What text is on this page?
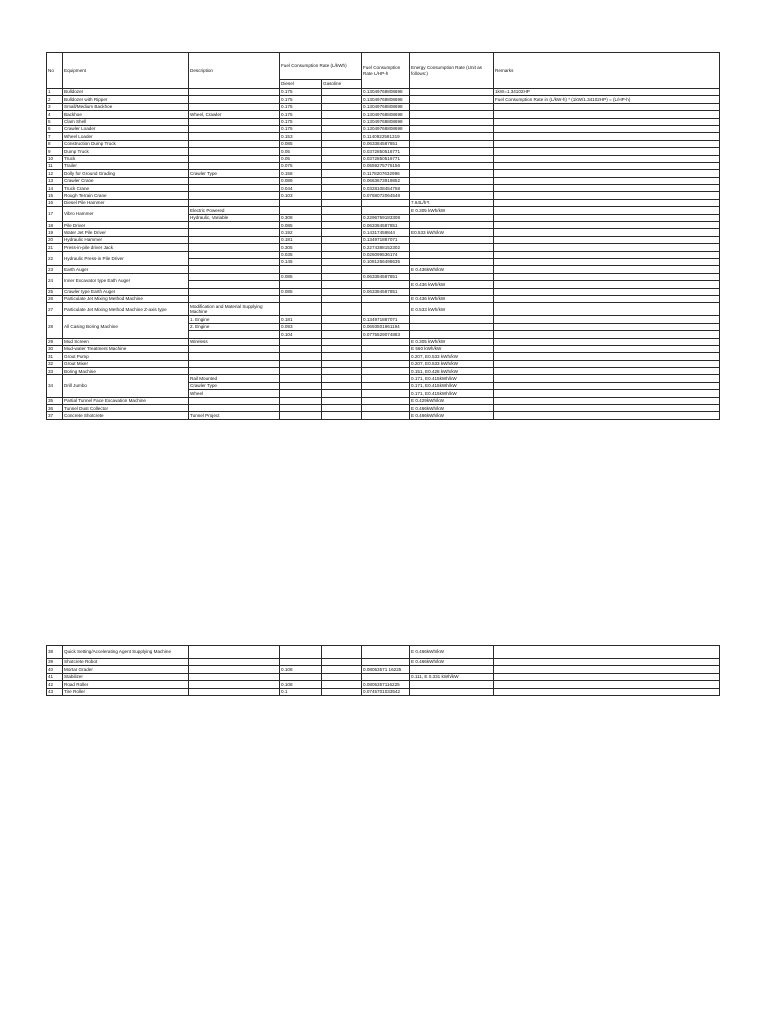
No	Equipment	Description	Fuel Consumption Rate (L/kWh)		Fuel Consumption Rate L/HP-h	Energy Consumption Rate (Unit as follows:)	Remarks
			Diesel	Gasoline			
1	Bulldozer		0.175		0.13049768808698		1kW=1.34102HP
2	Bulldozer with Ripper		0.175		0.13049768808698		Fuel Consumption Rate in (L/kW-h) * (1kW/1.34102HP) = (L/HP-h)
3	Small/Medium Backhoe		0.175		0.13049768808698		
4	Backhoe	Wheel, Crawler	0.175		0.13049768808698		
5	Clam Shell		0.175		0.13049768808698		
6	Crawler Loader		0.175		0.13049768808698		
7	Wheel Loader		0.153		0.1140922581319		
8	Construction Dump Truck		0.085		0.063384587851		
9	Dump Truck		0.05		0.0372850516771		
10	Truck		0.05		0.0372850516771		
11	Trailer		0.075		0.0559275775156		
12	Dolly for Ground Grading	Crawler Type	0.158		0.1178207632996		
13	Crawler Crane		0.089		0.0663673919852		
14	Truck Crane		0.044		0.0328108454758		
15	Rough Terrain Crane		0.103		0.0768072064548		
16	Diesel Pile Hammer					7.64L/h*t	
17	Vibro Hammer	Electric Powered				E 0.305 kWh/kW	
		Hydraulic, Variable	0.308		0.2296759183308		
18	Pile Driver		0.085		0.063384587851		
19	Water Jet Pile Driver		0.192		0.14317459844	E0.533 kWh/kW	
20	Hydraulic Hammer		0.181		0.134971887071		
21	Press-in-pile driver Jack		0.305		0.2274388152302		
22	Hydraulic Press-in Pile Driver		0.035		0.026099536174		
			0.145		0.1081266498635		
23	Earth Auger					E 0.436kWh/kW	
24	Inner Excavator type Eath Auger		0.085		0.063384587851		
						E 0.436 kWh/kW	
25	Crawler type Earth Auger		0.085		0.063384587851		
26	Particulate Jet Mixing Method Machine					E 0.436 kWh/kW	
27	Particulate Jet Mixing Method Machine Z-axis type	Modification and Material Supplying Machine				E 0.533 kWh/kW	
28	All Casing Boring Machine	1. Engine	0.181		0.134971887071		
		2. Engine	0.093		0.0693501961194		
			0.104		0.0775529074883		
29	Mud Screen	Wireless				E 0.305 kWh/kW	
30	Mud-water Treatment Machine					E 560 kWh/kW	
31	Grout Pump					0.207, E0.533 kWh/kW	
32	Grout Mixer					0.207, E0.533 kWh/kW	
33	Boring Machine					0.151, E0.428 kWh/kW	
34	Drill Jumbo	Rail Mounted				0.171, E0.415kWh/kW	
		Crawler Type				0.171, E0.415kWh/kW	
		Wheel				0.171, E0.415kWh/kW	
35	Partial Tunnel Face Excavation Machine					E 0.429kWh/kW	
36	Tunnel Dust Collector					E 0.466kWh/kW	
37	Concrete Shotcrete	Tunnel Project				E 0.466kWh/kW	
38	Quick Setting/Accelerating Agent Supplying Machine					E 0.466kWh/kW	
39	Shotcrete Robot					E 0.466kWh/kW	
40	Mortar Grader		0.108		0.08053571 16225		
41	Stabilizer					0.111, E 0.331 kWh/kW	
42	Road Roller		0.108		0.0805357116225		
43	Tire Roller		0.1		0.0745701033542		
